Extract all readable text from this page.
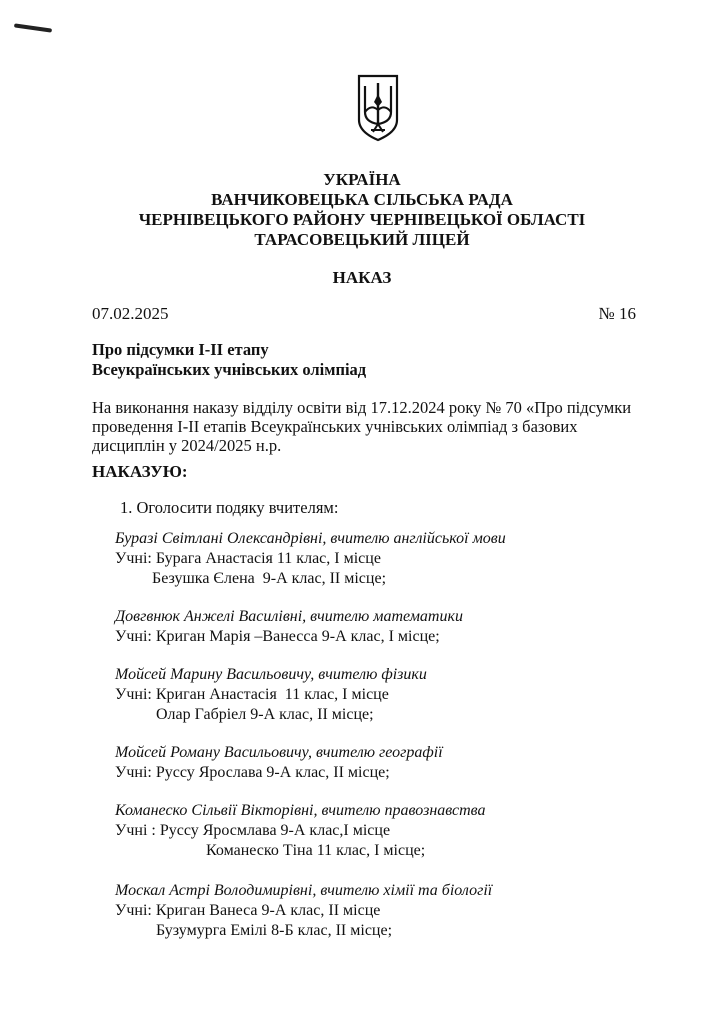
УКРАЇНА
ВАНЧИКОВЕЦЬКА СІЛЬСЬКА РАДА
ЧЕРНІВЕЦЬКОГО РАЙОНУ ЧЕРНІВЕЦЬКОЇ ОБЛАСТІ
ТАРАСОВЕЦЬКИЙ ЛІЦЕЙ
НАКАЗ
07.02.2025	№ 16
Про підсумки І-ІІ етапу
Всеукраїнських учнівських олімпіад
На виконання наказу відділу освіти від 17.12.2024 року № 70 «Про підсумки проведення І-ІІ етапів Всеукраїнських учнівських олімпіад з базових дисциплін у 2024/2025 н.р.
НАКАЗУЮ:
1. Оголосити подяку вчителям:
Буразі Світлані Олександрівні, вчителю англійської мови
Учні: Бурага Анастасія 11 клас, І місце
Безушка Єлена  9-А клас, ІІ місце;
Довгвнюк Анжелі Василівні, вчителю математики
Учні: Криган Марія –Ванесса 9-А клас, І місце;
Мойсей Марину Васильовичу, вчителю фізики
Учні: Криган Анастасія  11 клас, І місце
Олар Габріел 9-А клас, ІІ місце;
Мойсей Роману Васильовичу, вчителю географії
Учні: Руссу Ярослава 9-А клас, ІІ місце;
Команеско Сільвії Вікторівні, вчителю правознавства
Учні : Руссу Яросмлава 9-А клас,І місце
Команеско Тіна 11 клас, І місце;
Москал Астрі Володимирівні, вчителю хімії та біології
Учні: Криган Ванеса 9-А клас, ІІ місце
Бузумурга Емілі 8-Б клас, ІІ місце;
